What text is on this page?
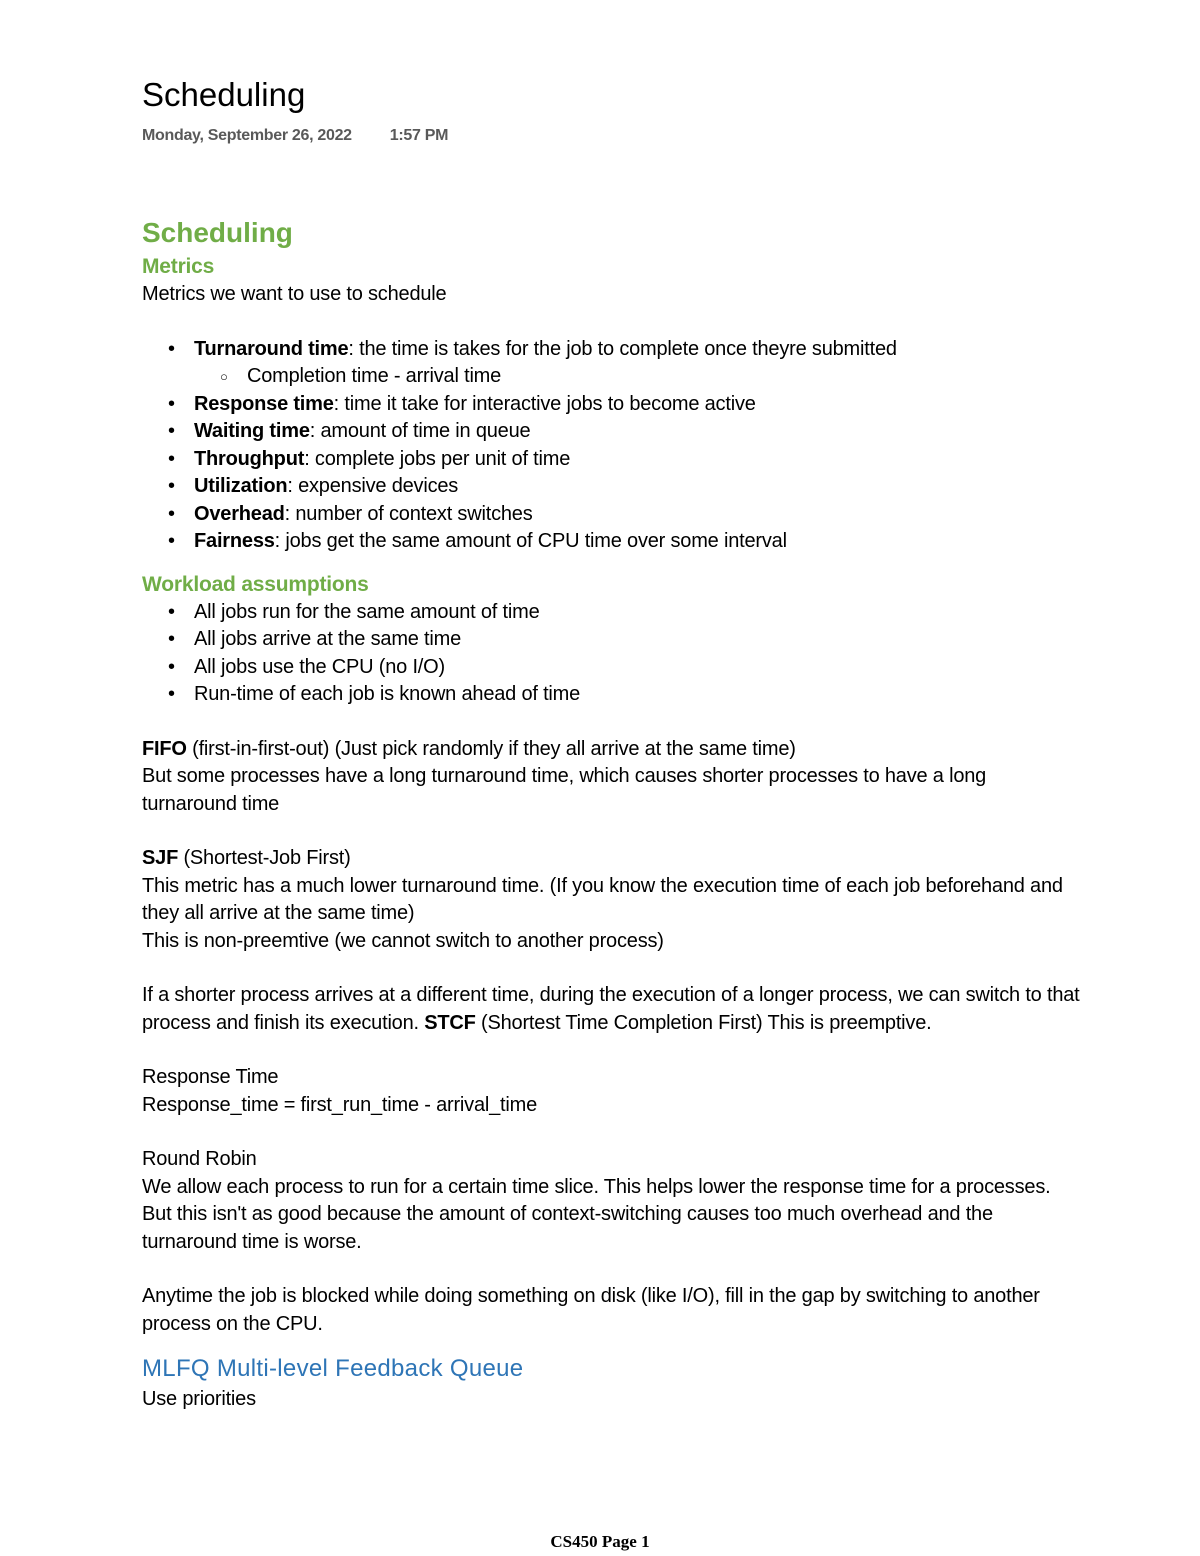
Scheduling
Monday, September 26, 2022 1:57 PM
Scheduling
Metrics

Metrics we want to use to schedule

• Turnaround time: the time is takes for the job to complete once theyre submitted
○ Completion time - arrival time
• Response time: time it take for interactive jobs to become active
• Waiting time: amount of time in queue
• Throughput: complete jobs per unit of time
• Utilization: expensive devices
• Overhead: number of context switches
• Fairness: jobs get the same amount of CPU time over some interval
Workload assumptions
• All jobs run for the same amount of time
• All jobs arrive at the same time
• All jobs use the CPU (no I/O)
• Run-time of each job is known ahead of time

FIFO (first-in-first-out) (Just pick randomly if they all arrive at the same time)

But some processes have a long turnaround time, which causes shorter processes to have a long turnaround time

SJF (Shortest-Job First)

This metric has a much lower turnaround time. (If you know the execution time of each job beforehand and they all arrive at the same time)

This is non-preemtive (we cannot switch to another process)

If a shorter process arrives at a different time, during the execution of a longer process, we can switch to that process and finish its execution. STCF (Shortest Time Completion First) This is preemptive.

Response Time

Response_time = first_run_time - arrival_time

Round Robin

We allow each process to run for a certain time slice. This helps lower the response time for a processes. But this isn't as good because the amount of context-switching causes too much overhead and the turnaround time is worse.

Anytime the job is blocked while doing something on disk (like I/O), fill in the gap by switching to another process on the CPU.

MLFQ Multi-level Feedback Queue

Use priorities

CS450 Page 1
